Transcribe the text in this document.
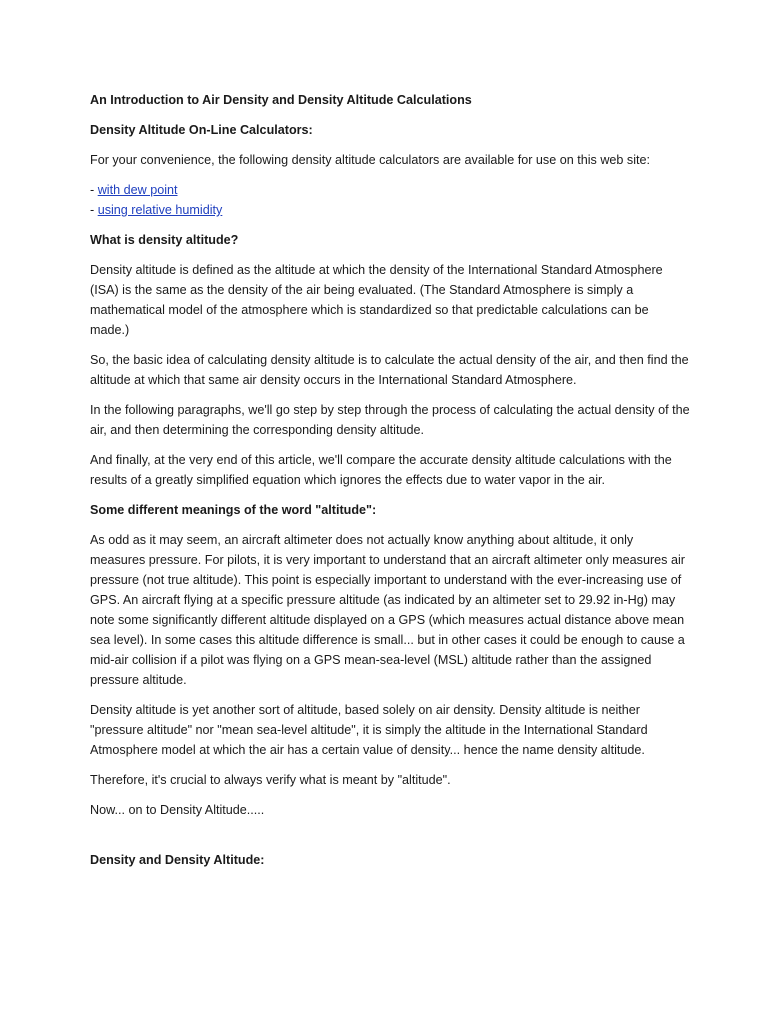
An Introduction to Air Density and Density Altitude Calculations

Density Altitude On-Line Calculators:

For your convenience, the following density altitude calculators are available for use on this web site:

- with dew point

- using relative humidity

What is density altitude?

Density altitude is defined as the altitude at which the density of the International Standard Atmosphere (ISA) is the same as the density of the air being evaluated. (The Standard Atmosphere is simply a mathematical model of the atmosphere which is standardized so that predictable calculations can be made.)

So, the basic idea of calculating density altitude is to calculate the actual density of the air, and then find the altitude at which that same air density occurs in the International Standard Atmosphere.

In the following paragraphs, we'll go step by step through the process of calculating the actual density of the air, and then determining the corresponding density altitude.

And finally, at the very end of this article, we'll compare the accurate density altitude calculations with the results of a greatly simplified equation which ignores the effects due to water vapor in the air.

Some different meanings of the word "altitude":

As odd as it may seem, an aircraft altimeter does not actually know anything about altitude, it only measures pressure. For pilots, it is very important to understand that an aircraft altimeter only measures air pressure (not true altitude). This point is especially important to understand with the ever-increasing use of GPS. An aircraft flying at a specific pressure altitude (as indicated by an altimeter set to 29.92 in-Hg) may note some significantly different altitude displayed on a GPS (which measures actual distance above mean sea level). In some cases this altitude difference is small... but in other cases it could be enough to cause a mid-air collision if a pilot was flying on a GPS mean-sea-level (MSL) altitude rather than the assigned pressure altitude.

Density altitude is yet another sort of altitude, based solely on air density. Density altitude is neither "pressure altitude" nor "mean sea-level altitude", it is simply the altitude in the International Standard Atmosphere model at which the air has a certain value of density... hence the name density altitude.

Therefore, it's crucial to always verify what is meant by "altitude".

Now... on to Density Altitude.....

Density and Density Altitude:
